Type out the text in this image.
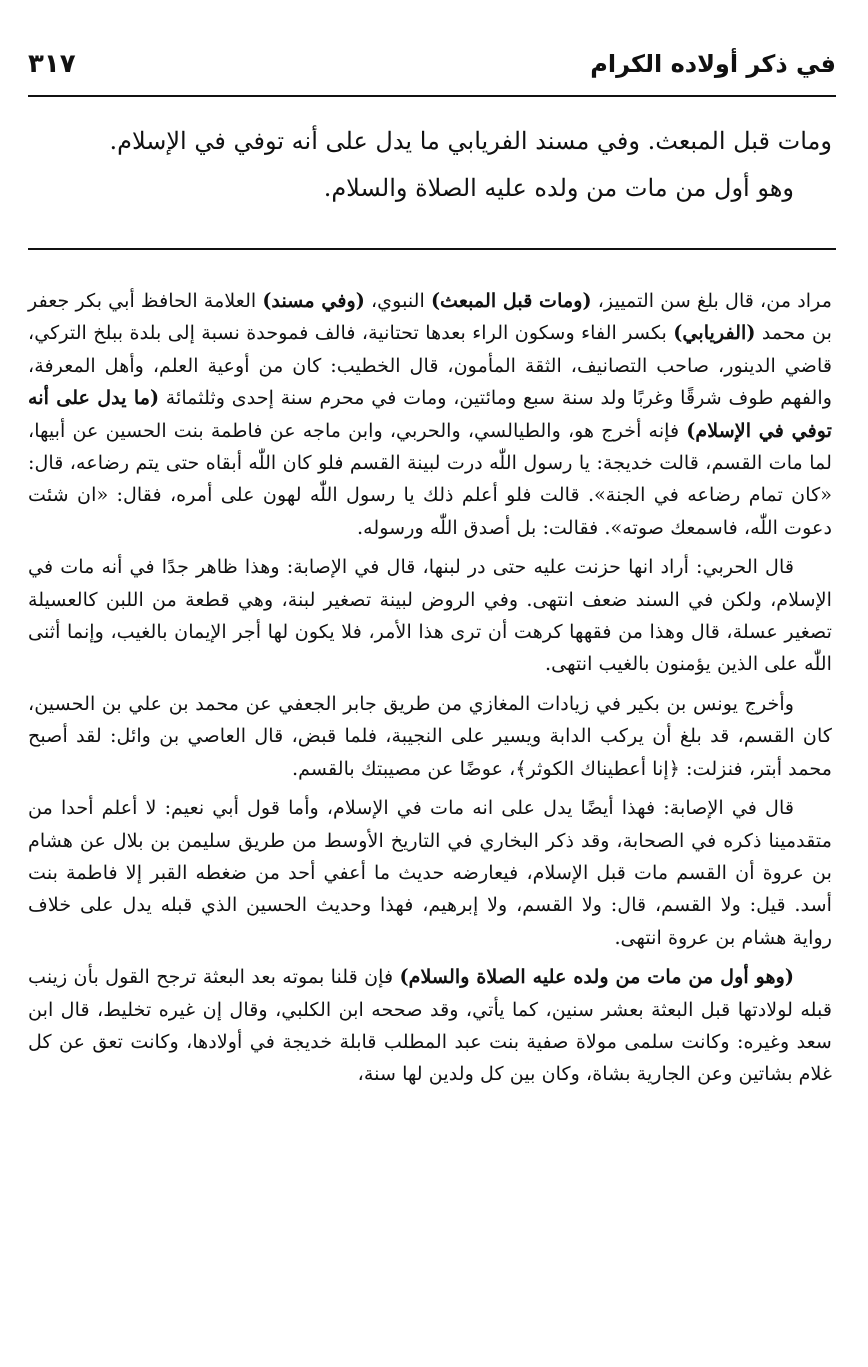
في ذكر أولاده الكرام
٣١٧

ومات قبل المبعث. وفي مسند الفريابي ما يدل على أنه توفي في الإسلام.

وهو أول من مات من ولده عليه الصلاة والسلام.

مراد من، قال بلغ سن التمييز، (ومات قبل المبعث) النبوي، (وفي مسند) العلامة الحافظ أبي بكر جعفر بن محمد (الفريابي) بكسر الفاء وسكون الراء بعدها تحتانية، فالف فموحدة نسبة إلى بلدة ببلخ التركي، قاضي الدينور، صاحب التصانيف، الثقة المأمون، قال الخطيب: كان من أوعية العلم، وأهل المعرفة، والفهم طوف شرقًا وغربًا ولد سنة سبع ومائتين، ومات في محرم سنة إحدى وثلثمائة (ما يدل على أنه توفي في الإسلام) فإنه أخرج هو، والطيالسي، والحربي، وابن ماجه عن فاطمة بنت الحسين عن أبيها، لما مات القسم، قالت خديجة: يا رسول اللّٰه درت لبينة القسم فلو كان اللّٰه أبقاه حتى يتم رضاعه، قال: «كان تمام رضاعه في الجنة». قالت فلو أعلم ذلك يا رسول اللّٰه لهون على أمره، فقال: «ان شئت دعوت اللّٰه، فاسمعك صوته». فقالت: بل أصدق اللّٰه ورسوله.

قال الحربي: أراد انها حزنت عليه حتى در لبنها، قال في الإصابة: وهذا ظاهر جدًا في أنه مات في الإسلام، ولكن في السند ضعف انتهى. وفي الروض لبينة تصغير لبنة، وهي قطعة من اللبن كالعسيلة تصغير عسلة، قال وهذا من فقهها كرهت أن ترى هذا الأمر، فلا يكون لها أجر الإيمان بالغيب، وإنما أثنى اللّٰه على الذين يؤمنون بالغيب انتهى.

وأخرج يونس بن بكير في زيادات المغازي من طريق جابر الجعفي عن محمد بن علي بن الحسين، كان القسم، قد بلغ أن يركب الدابة ويسير على النجيبة، فلما قبض، قال العاصي بن وائل: لقد أصبح محمد أبتر، فنزلت: ﴿إنا أعطيناك الكوثر﴾، عوضًا عن مصيبتك بالقسم.

قال في الإصابة: فهذا أيضًا يدل على انه مات في الإسلام، وأما قول أبي نعيم: لا أعلم أحدا من متقدمينا ذكره في الصحابة، وقد ذكر البخاري في التاريخ الأوسط من طريق سليمن بن بلال عن هشام بن عروة أن القسم مات قبل الإسلام، فيعارضه حديث ما أعفي أحد من ضغطه القبر إلا فاطمة بنت أسد. قيل: ولا القسم، قال: ولا القسم، ولا إبرهيم، فهذا وحديث الحسين الذي قبله يدل على خلاف رواية هشام بن عروة انتهى.

(وهو أول من مات من ولده عليه الصلاة والسلام) فإن قلنا بموته بعد البعثة ترجح القول بأن زينب قبله لولادتها قبل البعثة بعشر سنين، كما يأتي، وقد صححه ابن الكلبي، وقال إن غيره تخليط، قال ابن سعد وغيره: وكانت سلمى مولاة صفية بنت عبد المطلب قابلة خديجة في أولادها، وكانت تعق عن كل غلام بشاتين وعن الجارية بشاة، وكان بين كل ولدين لها سنة،
